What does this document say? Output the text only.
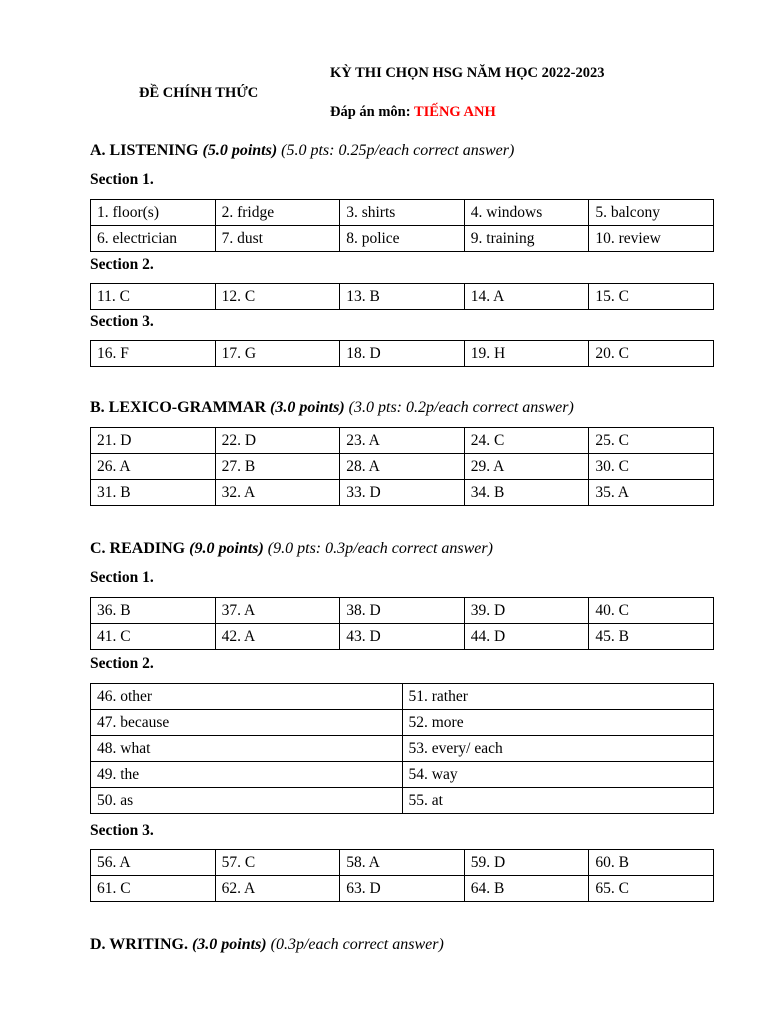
KỲ THI CHỌN HSG NĂM HỌC 2022-2023
ĐỀ CHÍNH THỨC
Đáp án môn: TIẾNG ANH
A. LISTENING (5.0 points) (5.0 pts: 0.25p/each correct answer)
Section 1.
1. floor(s)	2. fridge	3. shirts	4. windows	5. balcony
6. electrician	7. dust	8. police	9. training	10. review
Section 2.
11. C	12. C	13. B	14. A	15. C
Section 3.
16. F	17. G	18. D	19. H	20. C
B. LEXICO-GRAMMAR (3.0 points) (3.0 pts: 0.2p/each correct answer)
21. D	22. D	23. A	24. C	25. C
26. A	27. B	28. A	29. A	30. C
31. B	32. A	33. D	34. B	35. A
C. READING (9.0 points) (9.0 pts: 0.3p/each correct answer)
Section 1.
36. B	37. A	38. D	39. D	40. C
41. C	42. A	43. D	44. D	45. B
Section 2.
46. other	51. rather
47. because	52. more
48. what	53. every/ each
49. the	54. way
50. as	55. at
Section 3.
56. A	57. C	58. A	59. D	60. B
61. C	62. A	63. D	64. B	65. C
D. WRITING. (3.0 points) (0.3p/each correct answer)
